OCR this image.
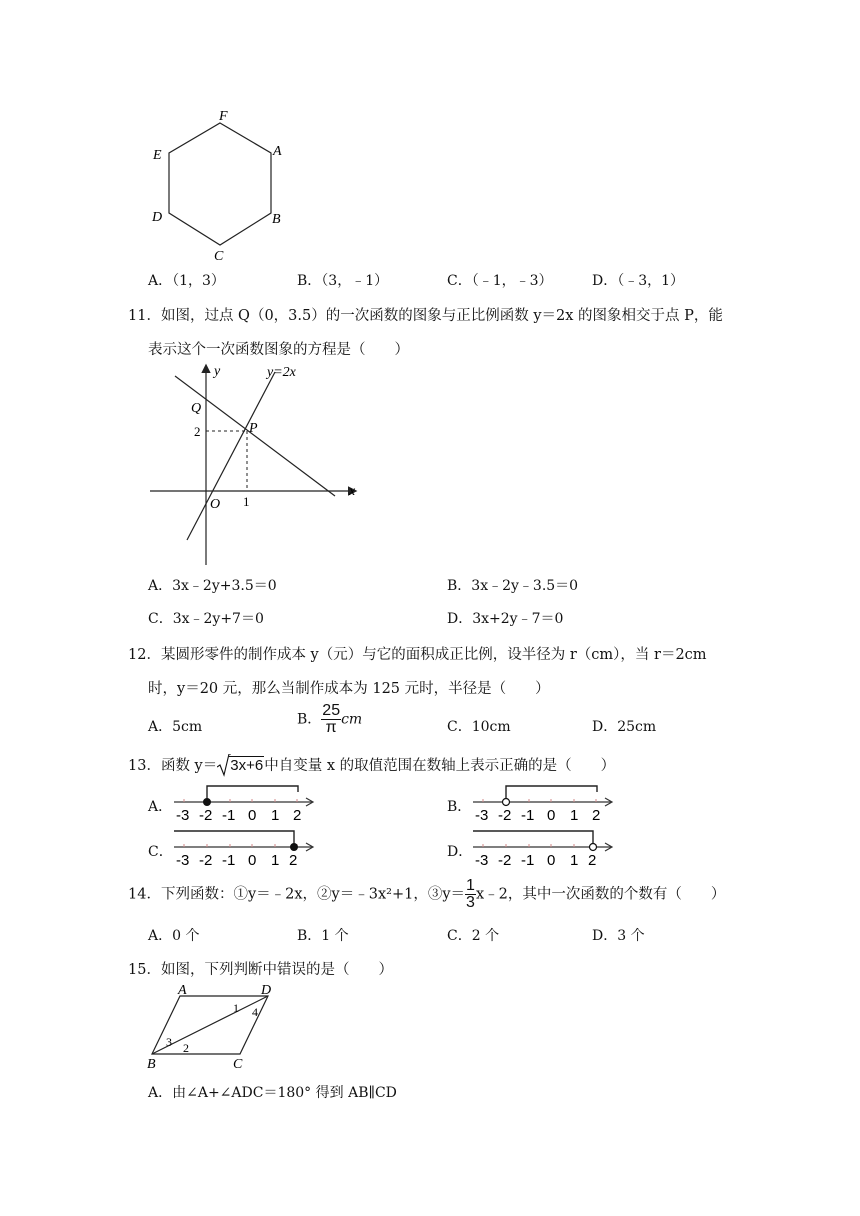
F
A
B
C
D
E
A．（1，3）	B．（3，﹣1）	C．（﹣1，﹣3）	D．（﹣3，1）
11．如图，过点 Q（0，3.5）的一次函数的图象与正比例函数 y＝2x 的图象相交于点 P，能
表示这个一次函数图象的方程是（　　）
y
x
y=2x
Q
P
O
2
1
A．3x﹣2y+3.5＝0	B．3x﹣2y﹣3.5＝0
C．3x﹣2y+7＝0	D．3x+2y﹣7＝0
12．某圆形零件的制作成本 y（元）与它的面积成正比例，设半径为 r（cm），当 r＝2cm
时，y＝20 元，那么当制作成本为 125 元时，半径是（　　）
A．5cm	B． $\frac{25}{\pi}$ cm	C．10cm	D．25cm
13．函数 y＝ 3x+6中自变量 x 的取值范围在数轴上表示正确的是（　　）
A． -3 -2 -1 0 1 2	B． -3 -2 -1 0 1 2
C． -3 -2 -1 0 1 2	D． -3 -2 -1 0 1 2
14．下列函数：①y＝﹣2x，②y＝﹣3x²+1，③y＝ $\frac{1}{3}$ x﹣2，其中一次函数的个数有（　　）
A．0 个	B．1 个	C．2 个	D．3 个
15．如图，下列判断中错误的是（　　）
A	D
B	C
1 4
3 2
A．由∠A+∠ADC＝180° 得到 AB∥CD
